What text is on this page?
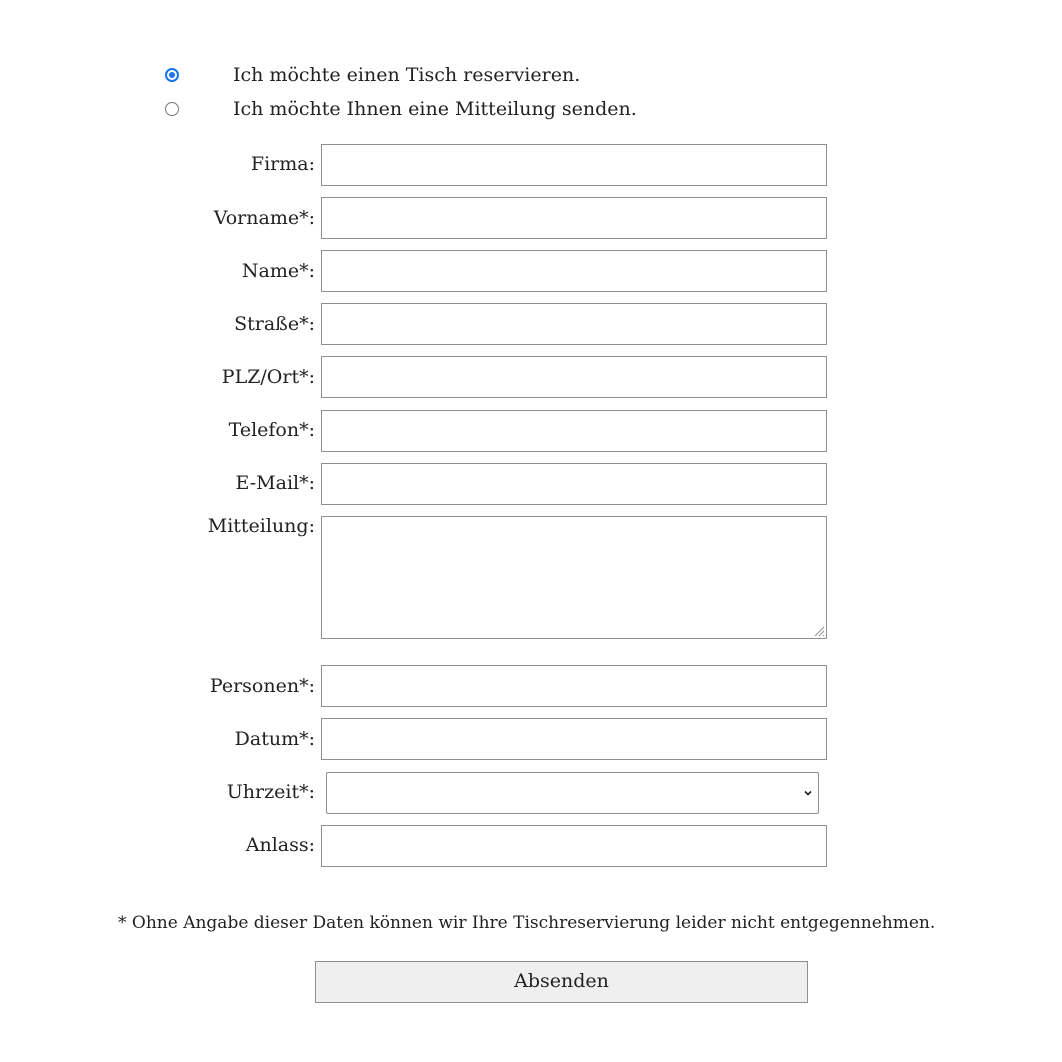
Ich möchte einen Tisch reservieren.
Ich möchte Ihnen eine Mitteilung senden.
Firma:
Vorname*:
Name*:
Straße*:
PLZ/Ort*:
Telefon*:
E-Mail*:
Mitteilung:
Personen*:
Datum*:
Uhrzeit*:
Anlass:
* Ohne Angabe dieser Daten können wir Ihre Tischreservierung leider nicht entgegennehmen.
Absenden
